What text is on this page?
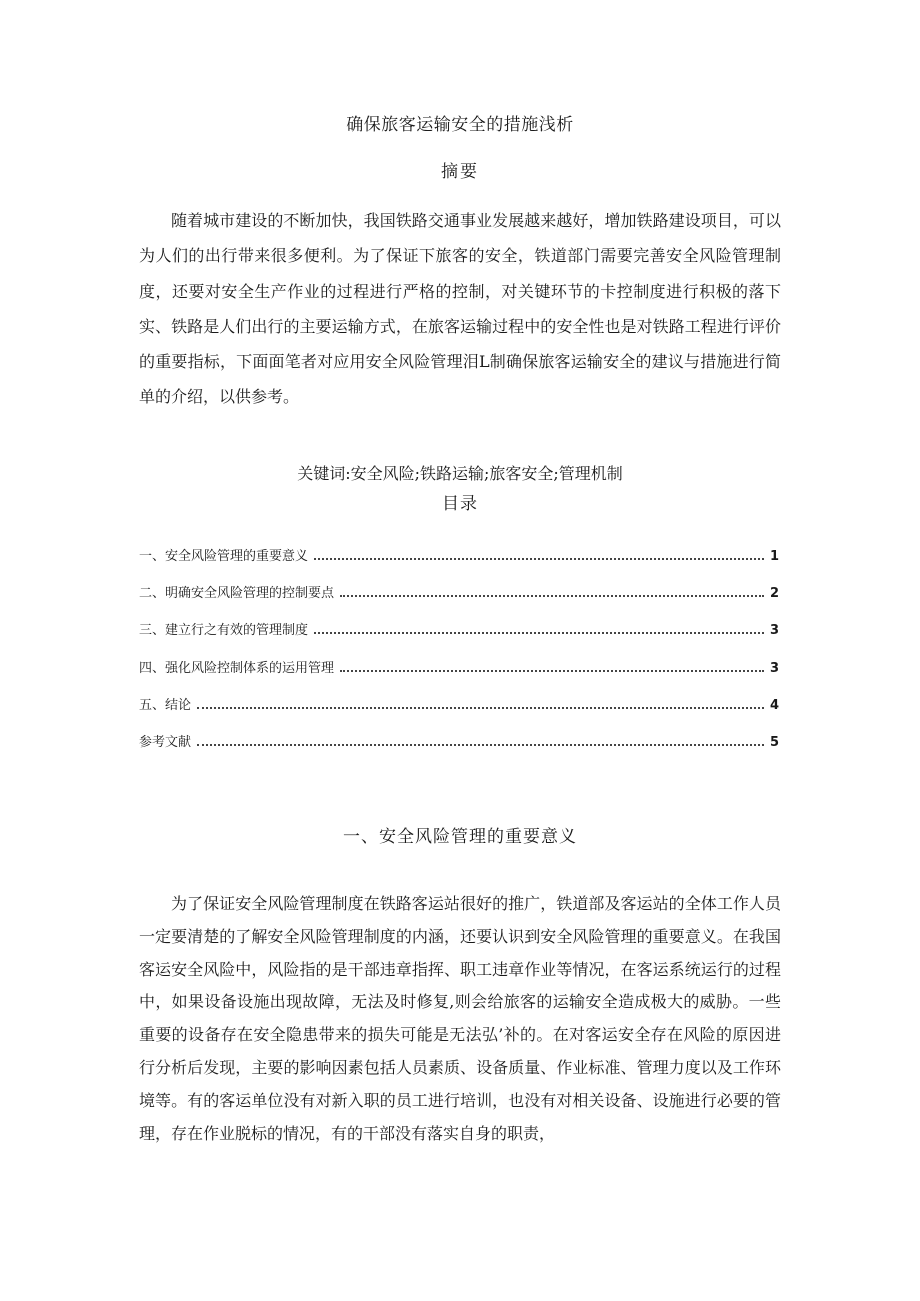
确保旅客运输安全的措施浅析
摘要

随着城市建设的不断加快，我国铁路交通事业发展越来越好，增加铁路建设项目，可以为人们的出行带来很多便利。为了保证下旅客的安全，铁道部门需要完善安全风险管理制度，还要对安全生产作业的过程进行严格的控制，对关键环节的卡控制度进行积极的落下实、铁路是人们出行的主要运输方式，在旅客运输过程中的安全性也是对铁路工程进行评价的重要指标，下面面笔者对应用安全风险管理泪L制确保旅客运输安全的建议与措施进行简单的介绍，以供参考。

关键词:安全风险;铁路运输;旅客安全;管理机制
目录
一、安全风险管理的重要意义	1
二、明确安全风险管理的控制要点	2
三、建立行之有效的管理制度	3
四、强化风险控制体系的运用管理	3
五、结论	4
参考文献	5
一、安全风险管理的重要意义

为了保证安全风险管理制度在铁路客运站很好的推广，铁道部及客运站的全体工作人员一定要清楚的了解安全风险管理制度的内涵，还要认识到安全风险管理的重要意义。在我国客运安全风险中，风险指的是干部违章指挥、职工违章作业等情况，在客运系统运行的过程中，如果设备设施出现故障，无法及时修复,则会给旅客的运输安全造成极大的威胁。一些重要的设备存在安全隐患带来的损失可能是无法弘’补的。在对客运安全存在风险的原因进行分析后发现，主要的影响因素包括人员素质、设备质量、作业标准、管理力度以及工作环境等。有的客运单位没有对新入职的员工进行培训，也没有对相关设备、设施进行必要的管理，存在作业脱标的情况，有的干部没有落实自身的职责，
